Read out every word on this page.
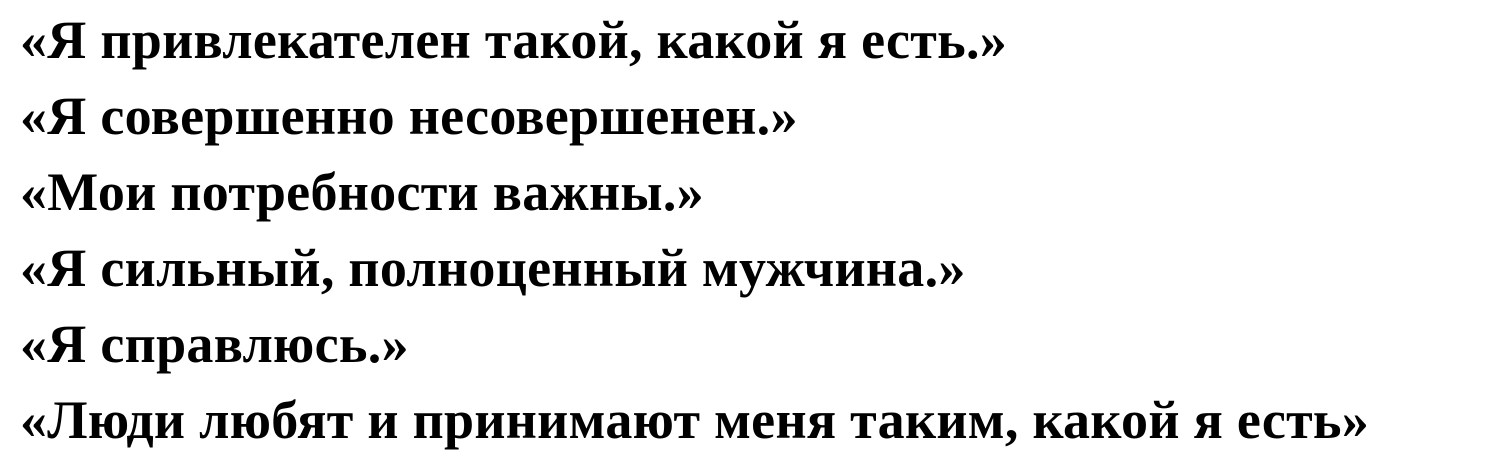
«Я привлекателен такой, какой я есть.»
«Я совершенно несовершенен.»
«Мои потребности важны.»
«Я сильный, полноценный мужчина.»
«Я справлюсь.»
«Люди любят и принимают меня таким, какой я есть»
